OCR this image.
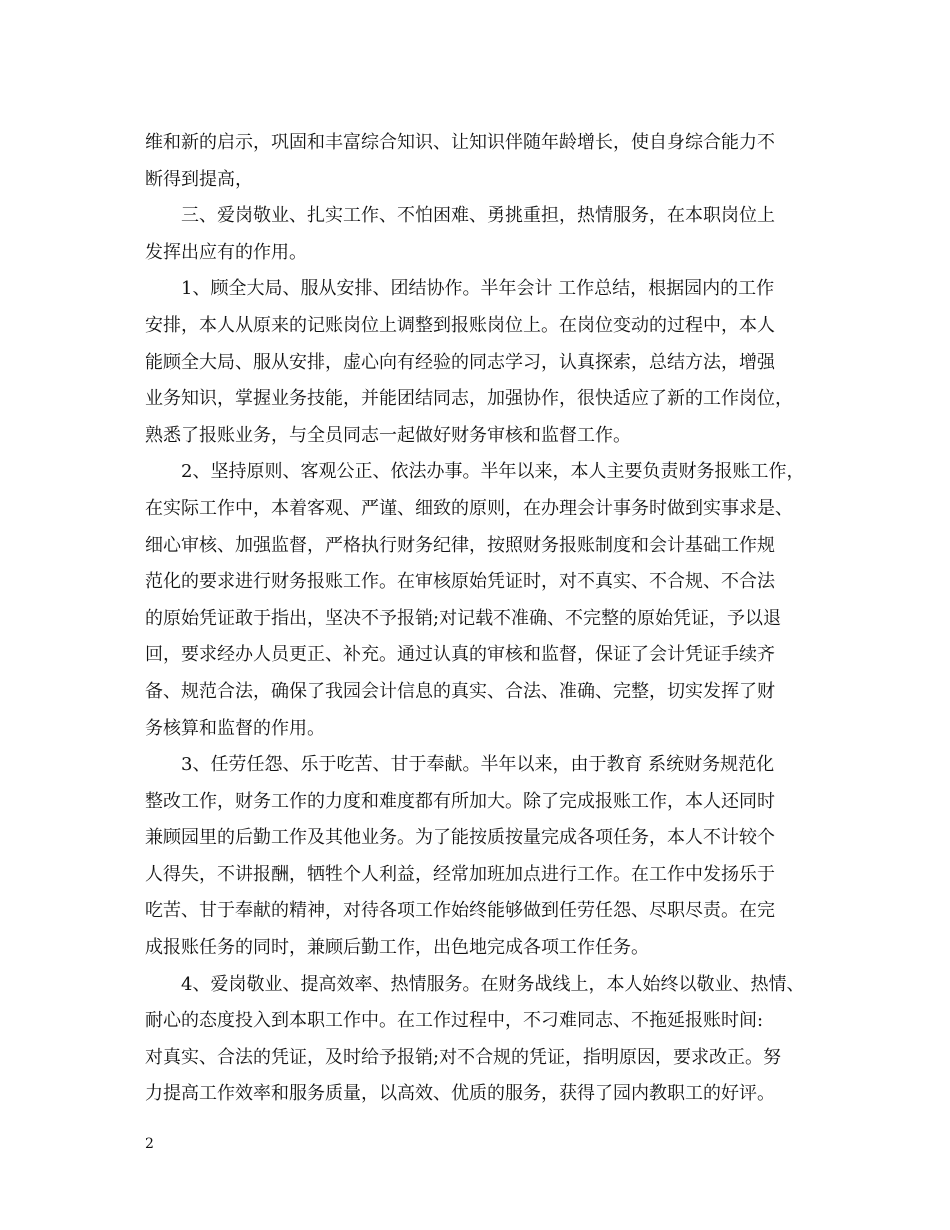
维和新的启示，巩固和丰富综合知识、让知识伴随年龄增长，使自身综合能力不
断得到提高，
三、爱岗敬业、扎实工作、不怕困难、勇挑重担，热情服务，在本职岗位上
发挥出应有的作用。
1、顾全大局、服从安排、团结协作。半年会计 工作总结，根据园内的工作
安排，本人从原来的记账岗位上调整到报账岗位上。在岗位变动的过程中，本人
能顾全大局、服从安排，虚心向有经验的同志学习，认真探索，总结方法，增强
业务知识，掌握业务技能，并能团结同志，加强协作，很快适应了新的工作岗位，
熟悉了报账业务，与全员同志一起做好财务审核和监督工作。
2、坚持原则、客观公正、依法办事。半年以来，本人主要负责财务报账工作，
在实际工作中，本着客观、严谨、细致的原则，在办理会计事务时做到实事求是、
细心审核、加强监督，严格执行财务纪律，按照财务报账制度和会计基础工作规
范化的要求进行财务报账工作。在审核原始凭证时，对不真实、不合规、不合法
的原始凭证敢于指出，坚决不予报销;对记载不准确、不完整的原始凭证，予以退
回，要求经办人员更正、补充。通过认真的审核和监督，保证了会计凭证手续齐
备、规范合法，确保了我园会计信息的真实、合法、准确、完整，切实发挥了财
务核算和监督的作用。
3、任劳任怨、乐于吃苦、甘于奉献。半年以来，由于教育 系统财务规范化
整改工作，财务工作的力度和难度都有所加大。除了完成报账工作，本人还同时
兼顾园里的后勤工作及其他业务。为了能按质按量完成各项任务，本人不计较个
人得失，不讲报酬，牺牲个人利益，经常加班加点进行工作。在工作中发扬乐于
吃苦、甘于奉献的精神，对待各项工作始终能够做到任劳任怨、尽职尽责。在完
成报账任务的同时，兼顾后勤工作，出色地完成各项工作任务。
4、爱岗敬业、提高效率、热情服务。在财务战线上，本人始终以敬业、热情、
耐心的态度投入到本职工作中。在工作过程中，不刁难同志、不拖延报账时间:
对真实、合法的凭证，及时给予报销;对不合规的凭证，指明原因，要求改正。努
力提高工作效率和服务质量，以高效、优质的服务，获得了园内教职工的好评。
2
